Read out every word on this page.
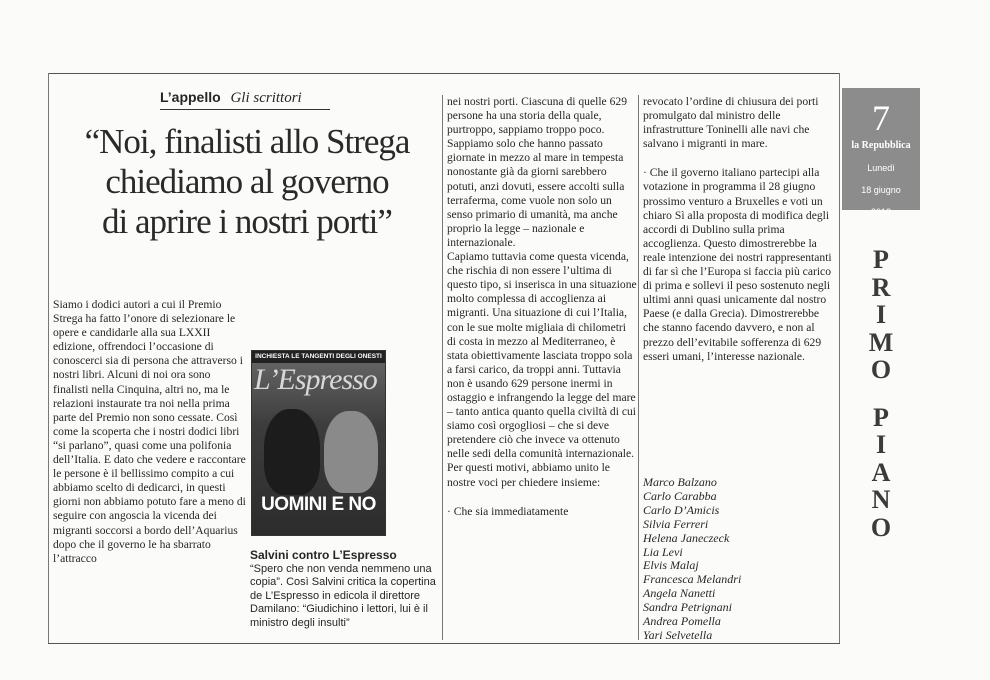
L’appello Gli scrittori
“Noi, finalisti allo Strega
chiediamo al governo
di aprire i nostri porti”

Siamo i dodici autori a cui il Premio Strega ha fatto l’onore di selezionare le opere e candidarle alla sua LXXII edizione, offrendoci l’occasione di conoscerci sia di persona che attraverso i nostri libri. Alcuni di noi ora sono finalisti nella Cinquina, altri no, ma le relazioni instaurate tra noi nella prima parte del Premio non sono cessate. Così come la scoperta che i nostri dodici libri “si parlano”, quasi come una polifonia dell’Italia. E dato che vedere e raccontare le persone è il bellissimo compito a cui abbiamo scelto di dedicarci, in questi giorni non abbiamo potuto fare a meno di seguire con angoscia la vicenda dei migranti soccorsi a bordo dell’Aquarius dopo che il governo le ha sbarrato l’attracco

INCHIESTA LE TANGENTI DEGLI ONESTI
L’Espresso
UOMINI E NO
Salvini contro L’Espresso
“Spero che non venda nemmeno una copia”. Così Salvini critica la copertina de L’Espresso in edicola il direttore Damilano: “Giudichino i lettori, lui è il ministro degli insulti”

nei nostri porti. Ciascuna di quelle 629 persone ha una storia della quale, purtroppo, sappiamo troppo poco. Sappiamo solo che hanno passato giornate in mezzo al mare in tempesta nonostante già da giorni sarebbero potuti, anzi dovuti, essere accolti sulla terraferma, come vuole non solo un senso primario di umanità, ma anche proprio la legge – nazionale e internazionale.

Capiamo tuttavia come questa vicenda, che rischia di non essere l’ultima di questo tipo, si inserisca in una situazione molto complessa di accoglienza ai migranti. Una situazione di cui l’Italia, con le sue molte migliaia di chilometri di costa in mezzo al Mediterraneo, è stata obiettivamente lasciata troppo sola a farsi carico, da troppi anni. Tuttavia non è usando 629 persone inermi in ostaggio e infrangendo la legge del mare – tanto antica quanto quella civiltà di cui siamo così orgogliosi – che si deve pretendere ciò che invece va ottenuto nelle sedi della comunità internazionale.

Per questi motivi, abbiamo unito le nostre voci per chiedere insieme:

· Che sia immediatamente

revocato l’ordine di chiusura dei porti promulgato dal ministro delle infrastrutture Toninelli alle navi che salvano i migranti in mare.

· Che il governo italiano partecipi alla votazione in programma il 28 giugno prossimo venturo a Bruxelles e voti un chiaro Sì alla proposta di modifica degli accordi di Dublino sulla prima accoglienza. Questo dimostrerebbe la reale intenzione dei nostri rappresentanti di far sì che l’Europa si faccia più carico di prima e sollevi il peso sostenuto negli ultimi anni quasi unicamente dal nostro Paese (e dalla Grecia). Dimostrerebbe che stanno facendo davvero, e non al prezzo dell’evitabile sofferenza di 629 esseri umani, l’interesse nazionale.

Marco Balzano
Carlo Carabba
Carlo D’Amicis
Silvia Ferreri
Helena Janeczeck
Lia Levi
Elvis Malaj
Francesca Melandri
Angela Nanetti
Sandra Petrignani
Andrea Pomella
Yari Selvetella
7
la Repubblica
Lunedì
18 giugno
2018
P
R
I
M
O
P
I
A
N
O
